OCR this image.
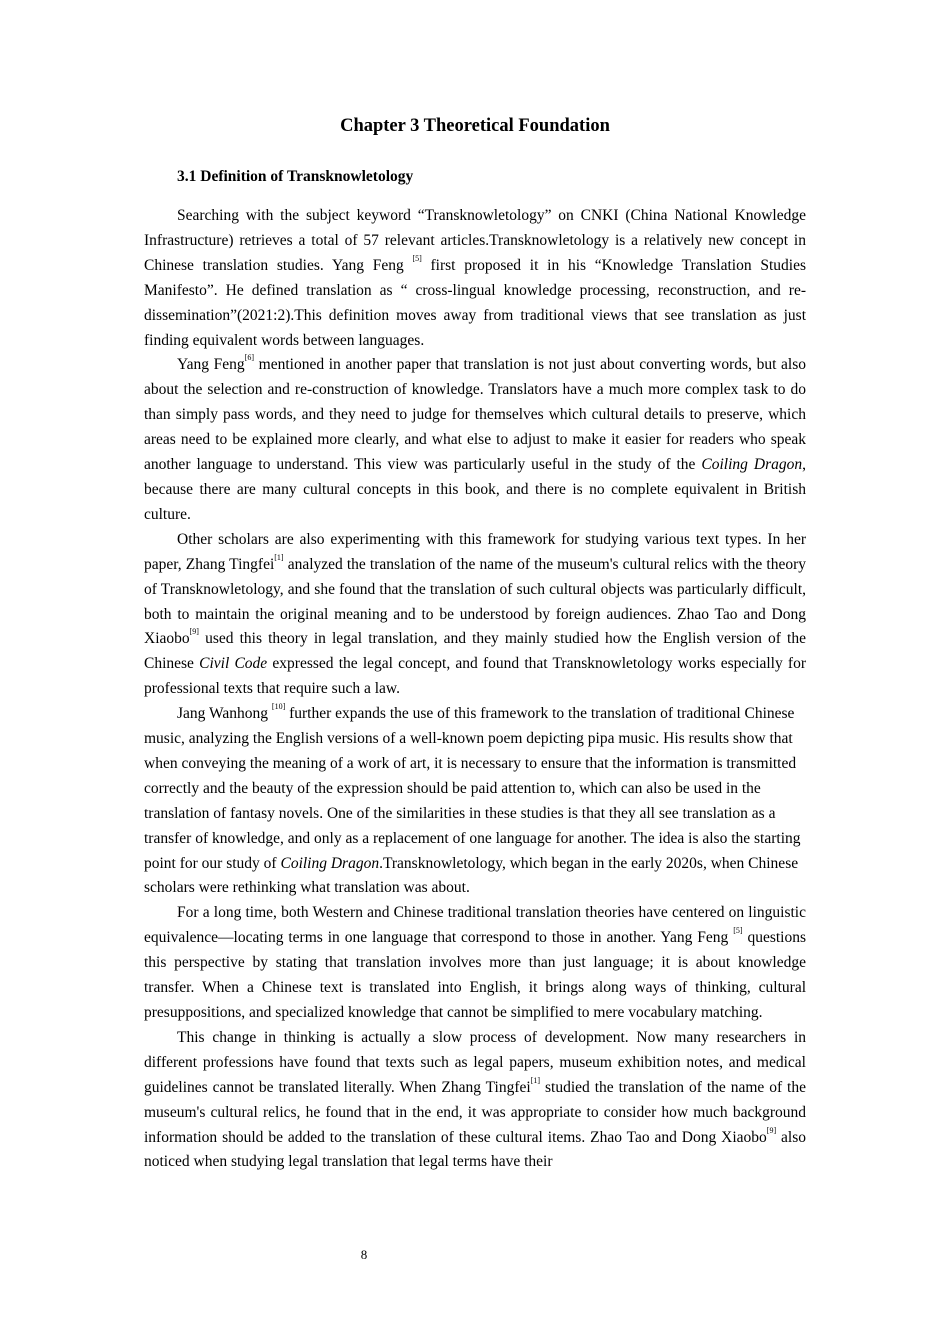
Chapter 3 Theoretical Foundation
3.1 Definition of Transknowletology

Searching with the subject keyword “Transknowletology” on CNKI (China National Knowledge Infrastructure) retrieves a total of 57 relevant articles.Transknowletology is a relatively new concept in Chinese translation studies. Yang Feng [5] first proposed it in his “Knowledge Translation Studies Manifesto”. He defined translation as “ cross-lingual knowledge processing, reconstruction, and re-dissemination”(2021:2).This definition moves away from traditional views that see translation as just finding equivalent words between languages.

Yang Feng[6] mentioned in another paper that translation is not just about converting words, but also about the selection and re-construction of knowledge. Translators have a much more complex task to do than simply pass words, and they need to judge for themselves which cultural details to preserve, which areas need to be explained more clearly, and what else to adjust to make it easier for readers who speak another language to understand. This view was particularly useful in the study of the Coiling Dragon, because there are many cultural concepts in this book, and there is no complete equivalent in British culture.

Other scholars are also experimenting with this framework for studying various text types. In her paper, Zhang Tingfei[1] analyzed the translation of the name of the museum's cultural relics with the theory of Transknowletology, and she found that the translation of such cultural objects was particularly difficult, both to maintain the original meaning and to be understood by foreign audiences. Zhao Tao and Dong Xiaobo[9] used this theory in legal translation, and they mainly studied how the English version of the Chinese Civil Code expressed the legal concept, and found that Transknowletology works especially for professional texts that require such a law.

Jang Wanhong [10] further expands the use of this framework to the translation of traditional Chinese music, analyzing the English versions of a well-known poem depicting pipa music. His results show that when conveying the meaning of a work of art, it is necessary to ensure that the information is transmitted correctly and the beauty of the expression should be paid attention to, which can also be used in the translation of fantasy novels. One of the similarities in these studies is that they all see translation as a transfer of knowledge, and only as a replacement of one language for another. The idea is also the starting point for our study of Coiling Dragon.Transknowletology, which began in the early 2020s, when Chinese scholars were rethinking what translation was about.

For a long time, both Western and Chinese traditional translation theories have centered on linguistic equivalence—locating terms in one language that correspond to those in another. Yang Feng [5] questions this perspective by stating that translation involves more than just language; it is about knowledge transfer. When a Chinese text is translated into English, it brings along ways of thinking, cultural presuppositions, and specialized knowledge that cannot be simplified to mere vocabulary matching.

This change in thinking is actually a slow process of development. Now many researchers in different professions have found that texts such as legal papers, museum exhibition notes, and medical guidelines cannot be translated literally. When Zhang Tingfei[1] studied the translation of the name of the museum's cultural relics, he found that in the end, it was appropriate to consider how much background information should be added to the translation of these cultural items. Zhao Tao and Dong Xiaobo[9] also noticed when studying legal translation that legal terms have their

8
